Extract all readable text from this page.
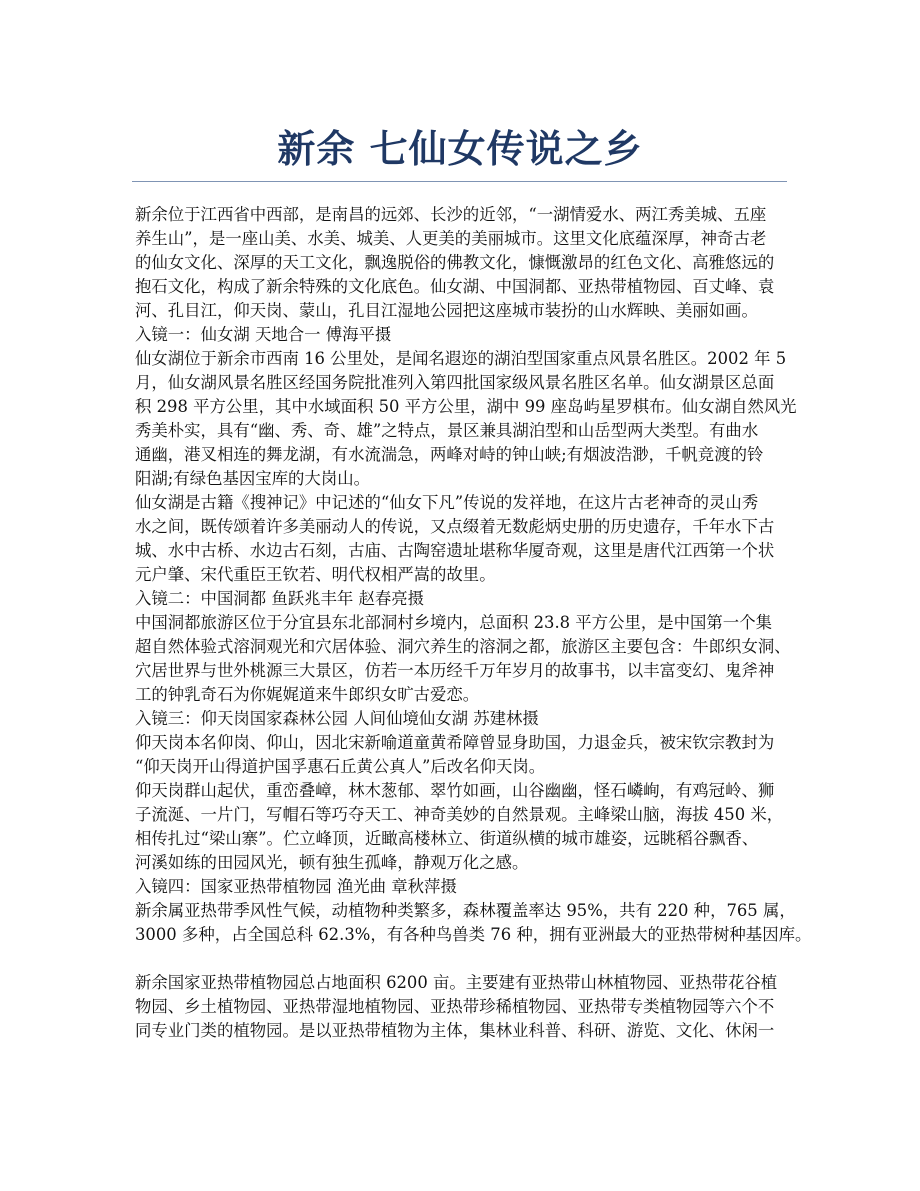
新余 七仙女传说之乡
新余位于江西省中西部，是南昌的远郊、长沙的近邻，“一湖情爱水、两江秀美城、五座
养生山”，是一座山美、水美、城美、人更美的美丽城市。这里文化底蕴深厚，神奇古老
的仙女文化、深厚的天工文化，飘逸脱俗的佛教文化，慷慨激昂的红色文化、高雅悠远的
抱石文化，构成了新余特殊的文化底色。仙女湖、中国洞都、亚热带植物园、百丈峰、袁
河、孔目江，仰天岗、蒙山，孔目江湿地公园把这座城市装扮的山水辉映、美丽如画。
入镜一：仙女湖 天地合一 傅海平摄
仙女湖位于新余市西南 16 公里处，是闻名遐迩的湖泊型国家重点风景名胜区。2002 年 5
月，仙女湖风景名胜区经国务院批准列入第四批国家级风景名胜区名单。仙女湖景区总面
积 298 平方公里，其中水域面积 50 平方公里，湖中 99 座岛屿星罗棋布。仙女湖自然风光
秀美朴实，具有“幽、秀、奇、雄”之特点，景区兼具湖泊型和山岳型两大类型。有曲水
通幽，港叉相连的舞龙湖，有水流湍急，两峰对峙的钟山峡;有烟波浩渺，千帆竞渡的铃
阳湖;有绿色基因宝库的大岗山。
仙女湖是古籍《搜神记》中记述的“仙女下凡”传说的发祥地，在这片古老神奇的灵山秀
水之间，既传颂着许多美丽动人的传说，又点缀着无数彪炳史册的历史遗存，千年水下古
城、水中古桥、水边古石刻，古庙、古陶窑遗址堪称华厦奇观，这里是唐代江西第一个状
元户肇、宋代重臣王钦若、明代权相严嵩的故里。
入镜二：中国洞都 鱼跃兆丰年 赵春亮摄
中国洞都旅游区位于分宜县东北部洞村乡境内，总面积 23.8 平方公里，是中国第一个集
超自然体验式溶洞观光和穴居体验、洞穴养生的溶洞之都，旅游区主要包含：牛郎织女洞、
穴居世界与世外桃源三大景区，仿若一本历经千万年岁月的故事书，以丰富变幻、鬼斧神
工的钟乳奇石为你娓娓道来牛郎织女旷古爱恋。
入镜三：仰天岗国家森林公园 人间仙境仙女湖 苏建林摄
仰天岗本名仰岗、仰山，因北宋新喻道童黄希障曾显身助国，力退金兵，被宋钦宗教封为
“仰天岗开山得道护国孚惠石丘黄公真人”后改名仰天岗。
仰天岗群山起伏，重峦叠嶂，林木葱郁、翠竹如画，山谷幽幽，怪石嶙峋，有鸡冠岭、狮
子流涎、一片门，写帽石等巧夺天工、神奇美妙的自然景观。主峰梁山脑，海拔 450 米，
相传扎过“梁山寨”。伫立峰顶，近瞰高楼林立、街道纵横的城市雄姿，远眺稻谷飘香、
河溪如练的田园风光，顿有独生孤峰，静观万化之感。
入镜四：国家亚热带植物园 渔光曲 章秋萍摄
新余属亚热带季风性气候，动植物种类繁多，森林覆盖率达 95%，共有 220 种，765 属，
3000 多种，占全国总科 62.3%，有各种鸟兽类 76 种，拥有亚洲最大的亚热带树种基因库。
新余国家亚热带植物园总占地面积 6200 亩。主要建有亚热带山林植物园、亚热带花谷植
物园、乡土植物园、亚热带湿地植物园、亚热带珍稀植物园、亚热带专类植物园等六个不
同专业门类的植物园。是以亚热带植物为主体，集林业科普、科研、游览、文化、休闲一
